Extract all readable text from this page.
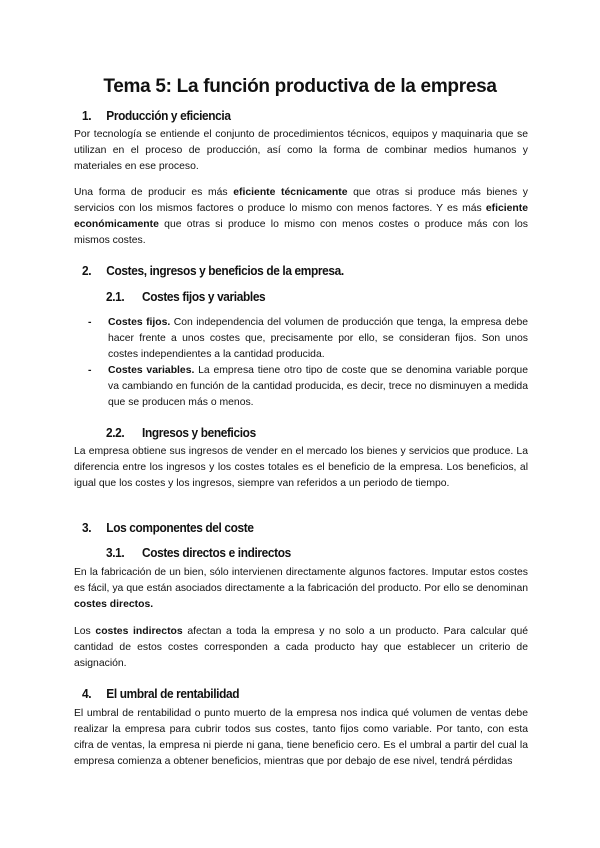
Tema 5: La función productiva de la empresa
1. Producción y eficiencia
Por tecnología se entiende el conjunto de procedimientos técnicos, equipos y maquinaria que se utilizan en el proceso de producción, así como la forma de combinar medios humanos y materiales en ese proceso.
Una forma de producir es más eficiente técnicamente que otras si produce más bienes y servicios con los mismos factores o produce lo mismo con menos factores. Y es más eficiente económicamente que otras si produce lo mismo con menos costes o produce más con los mismos costes.
2. Costes, ingresos y beneficios de la empresa.
2.1. Costes fijos y variables
- Costes fijos. Con independencia del volumen de producción que tenga, la empresa debe hacer frente a unos costes que, precisamente por ello, se consideran fijos. Son unos costes independientes a la cantidad producida.
- Costes variables. La empresa tiene otro tipo de coste que se denomina variable porque va cambiando en función de la cantidad producida, es decir, trece no disminuyen a medida que se producen más o menos.
2.2. Ingresos y beneficios
La empresa obtiene sus ingresos de vender en el mercado los bienes y servicios que produce. La diferencia entre los ingresos y los costes totales es el beneficio de la empresa. Los beneficios, al igual que los costes y los ingresos, siempre van referidos a un periodo de tiempo.
3. Los componentes del coste
3.1. Costes directos e indirectos
En la fabricación de un bien, sólo intervienen directamente algunos factores. Imputar estos costes es fácil, ya que están asociados directamente a la fabricación del producto. Por ello se denominan costes directos.
Los costes indirectos afectan a toda la empresa y no solo a un producto. Para calcular qué cantidad de estos costes corresponden a cada producto hay que establecer un criterio de asignación.
4. El umbral de rentabilidad
El umbral de rentabilidad o punto muerto de la empresa nos indica qué volumen de ventas debe realizar la empresa para cubrir todos sus costes, tanto fijos como variable. Por tanto, con esta cifra de ventas, la empresa ni pierde ni gana, tiene beneficio cero. Es el umbral a partir del cual la empresa comienza a obtener beneficios, mientras que por debajo de ese nivel, tendrá pérdidas
